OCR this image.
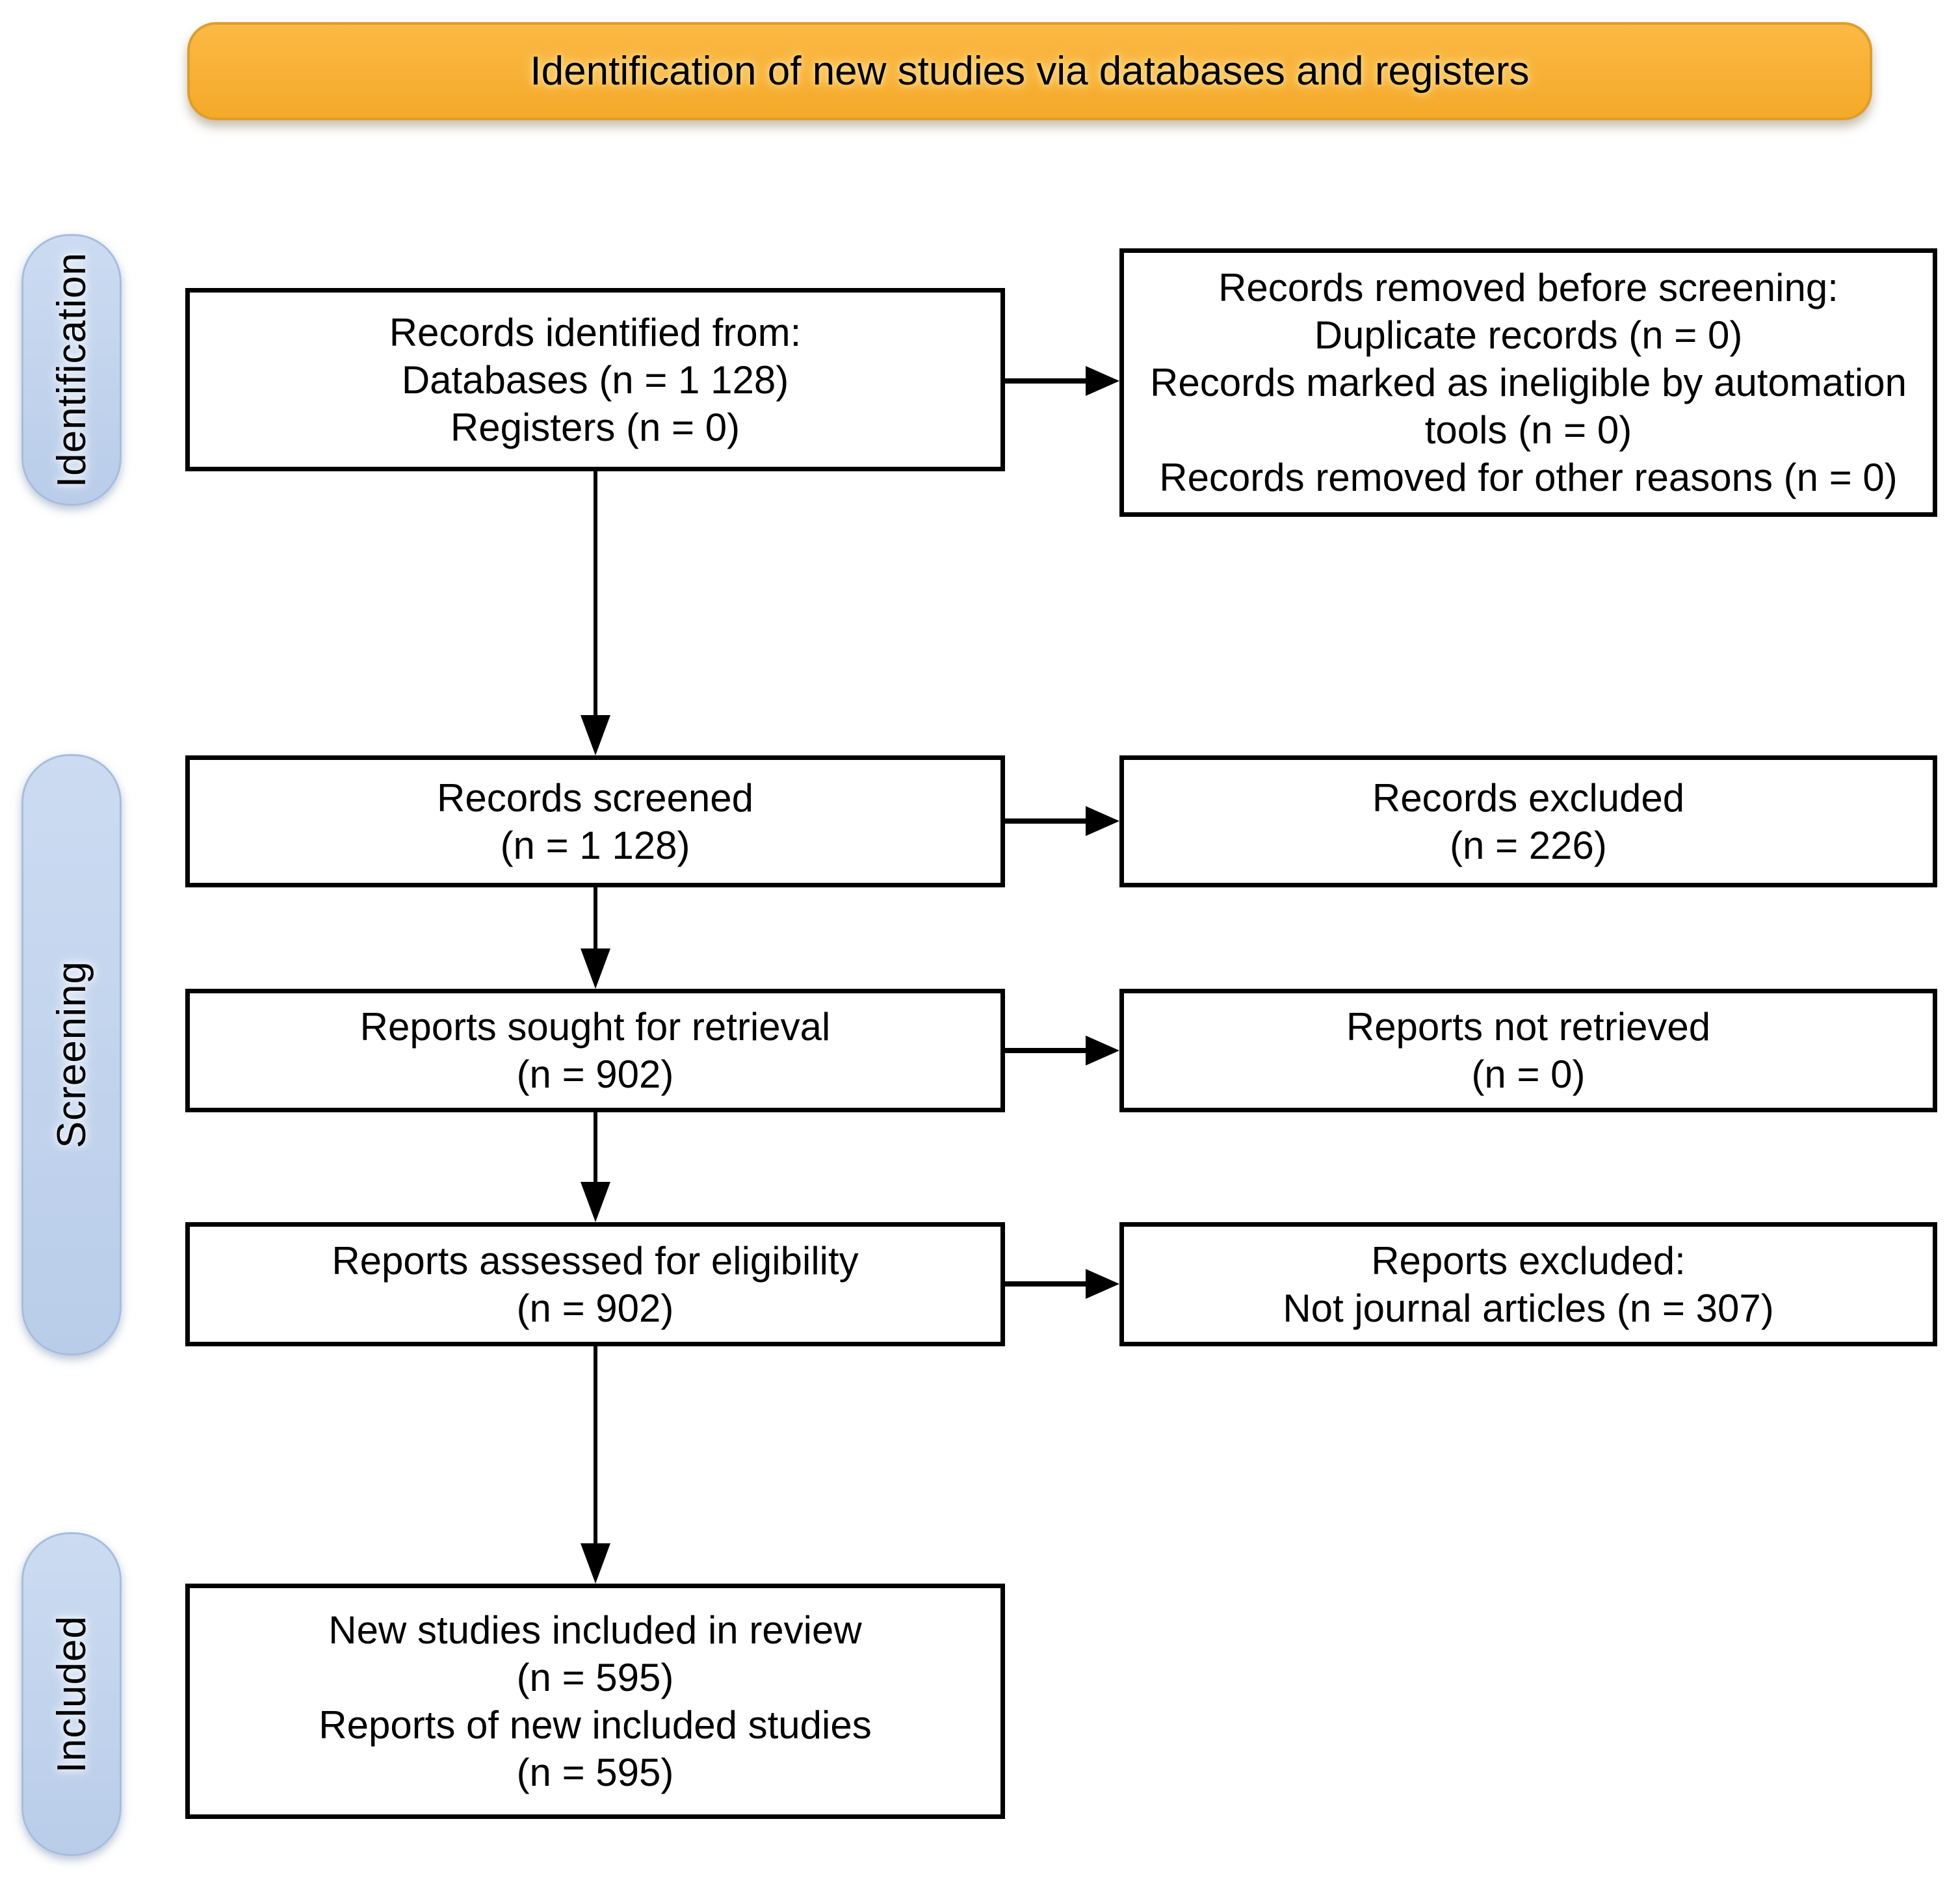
Identification of new studies via databases and registers
Identification
Screening
Included
Records identified from:
Databases (n = 1 128)
Registers (n = 0)
Records screened
(n = 1 128)
Reports sought for retrieval
(n = 902)
Reports assessed for eligibility
(n = 902)
New studies included in review
(n = 595)
Reports of new included studies
(n = 595)
Records removed before screening:
Duplicate records (n = 0)
Records marked as ineligible by automation tools (n = 0)
Records removed for other reasons (n = 0)
Records excluded
(n = 226)
Reports not retrieved
(n = 0)
Reports excluded:
Not journal articles (n = 307)
